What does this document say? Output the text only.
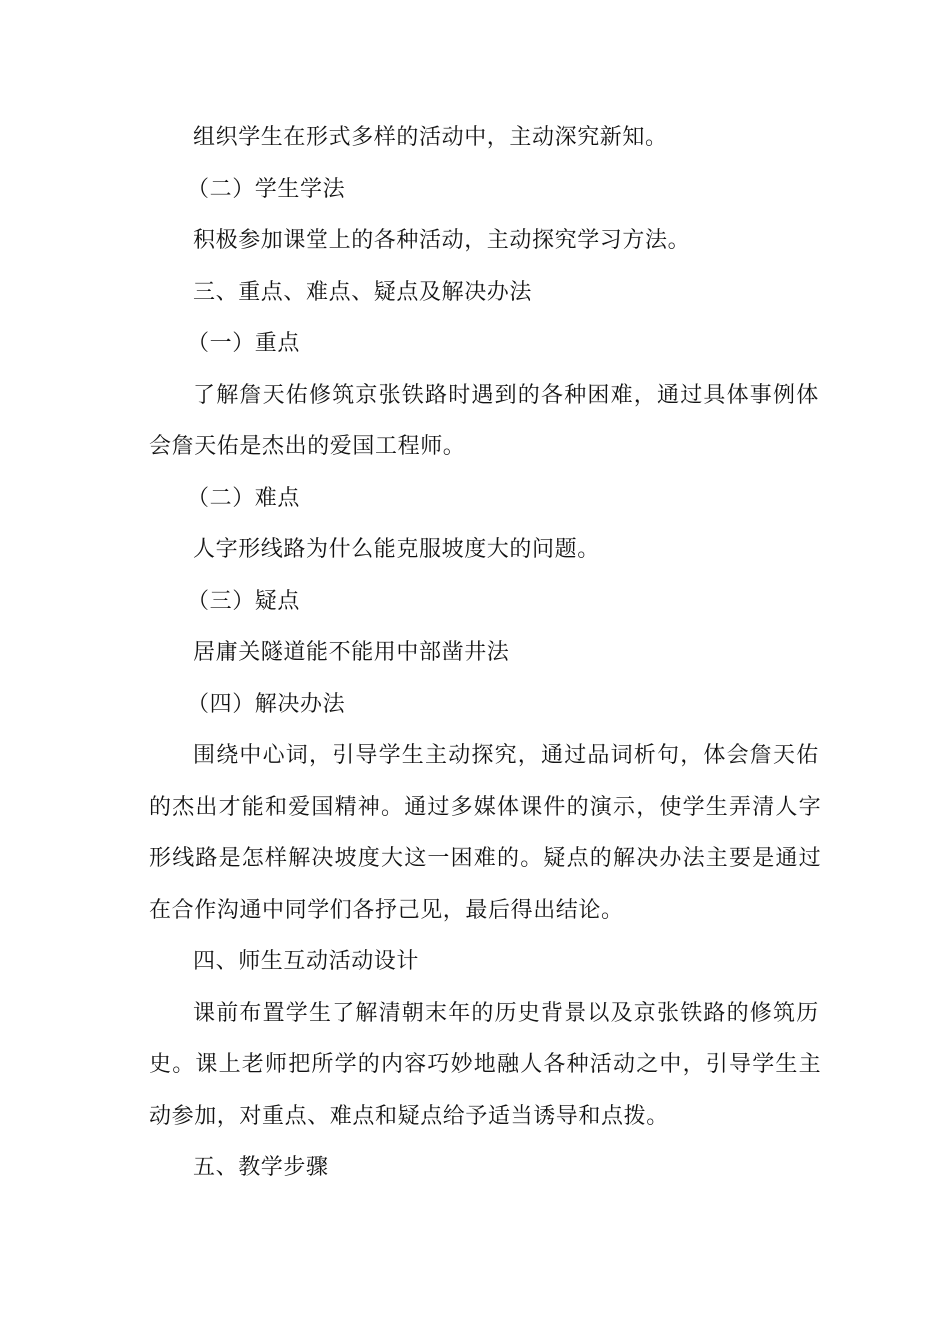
组织学生在形式多样的活动中，主动深究新知。
（二）学生学法
积极参加课堂上的各种活动，主动探究学习方法。
三、重点、难点、疑点及解决办法
（一）重点
了解詹天佑修筑京张铁路时遇到的各种困难，通过具体事例体
会詹天佑是杰出的爱国工程师。
（二）难点
人字形线路为什么能克服坡度大的问题。
（三）疑点
居庸关隧道能不能用中部凿井法
（四）解决办法
围绕中心词，引导学生主动探究，通过品词析句，体会詹天佑
的杰出才能和爱国精神。通过多媒体课件的演示，使学生弄清人字
形线路是怎样解决坡度大这一困难的。疑点的解决办法主要是通过
在合作沟通中同学们各抒己见，最后得出结论。
四、师生互动活动设计
课前布置学生了解清朝末年的历史背景以及京张铁路的修筑历
史。课上老师把所学的内容巧妙地融人各种活动之中，引导学生主
动参加，对重点、难点和疑点给予适当诱导和点拨。
五、教学步骤
